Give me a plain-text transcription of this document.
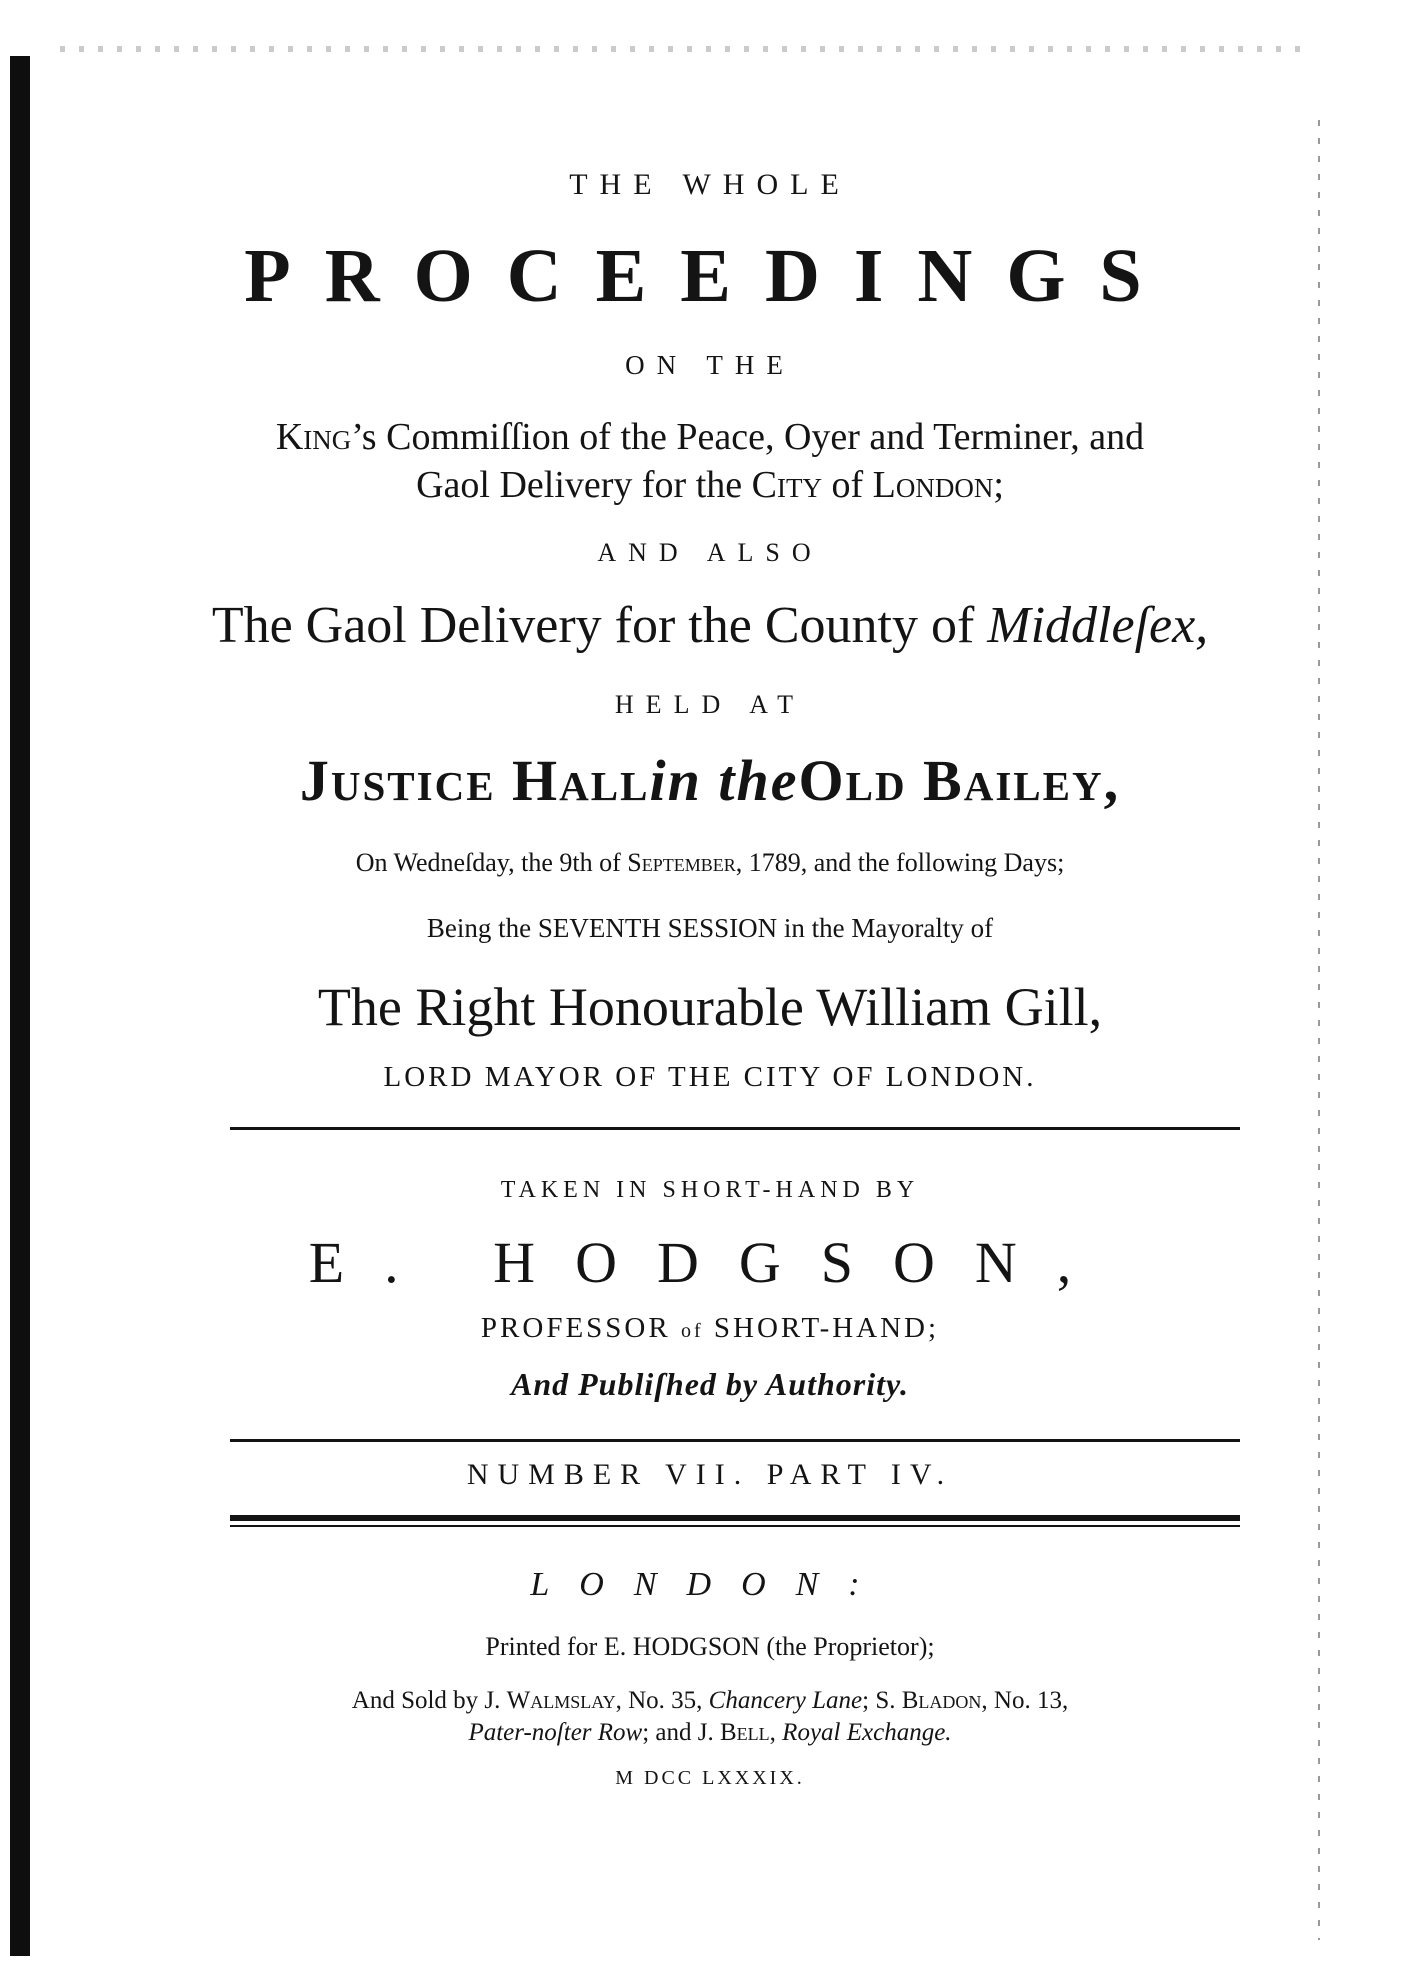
THE WHOLE
PROCEEDINGS
ON THE
King’s Commiſſion of the Peace, Oyer and Terminer, and
Gaol Delivery for the City of London;
AND ALSO
The Gaol Delivery for the County of Middleſex,
HELD AT
Justice Hallin theOld Bailey,
On Wedneſday, the 9th of September, 1789, and the following Days;
Being the SEVENTH SESSION in the Mayoralty of
The Right Honourable William Gill,
LORD MAYOR OF THE CITY OF LONDON.
TAKEN IN SHORT-HAND BY
E. HODGSON,
PROFESSOR of SHORT-HAND;
And Publiſhed by Authority.
NUMBER VII. PART IV.
LONDON:
Printed for E. HODGSON (the Proprietor);
And Sold by J. Walmslay, No. 35, Chancery Lane; S. Bladon, No. 13,
Pater-noſter Row; and J. Bell, Royal Exchange.
M DCC LXXXIX.
